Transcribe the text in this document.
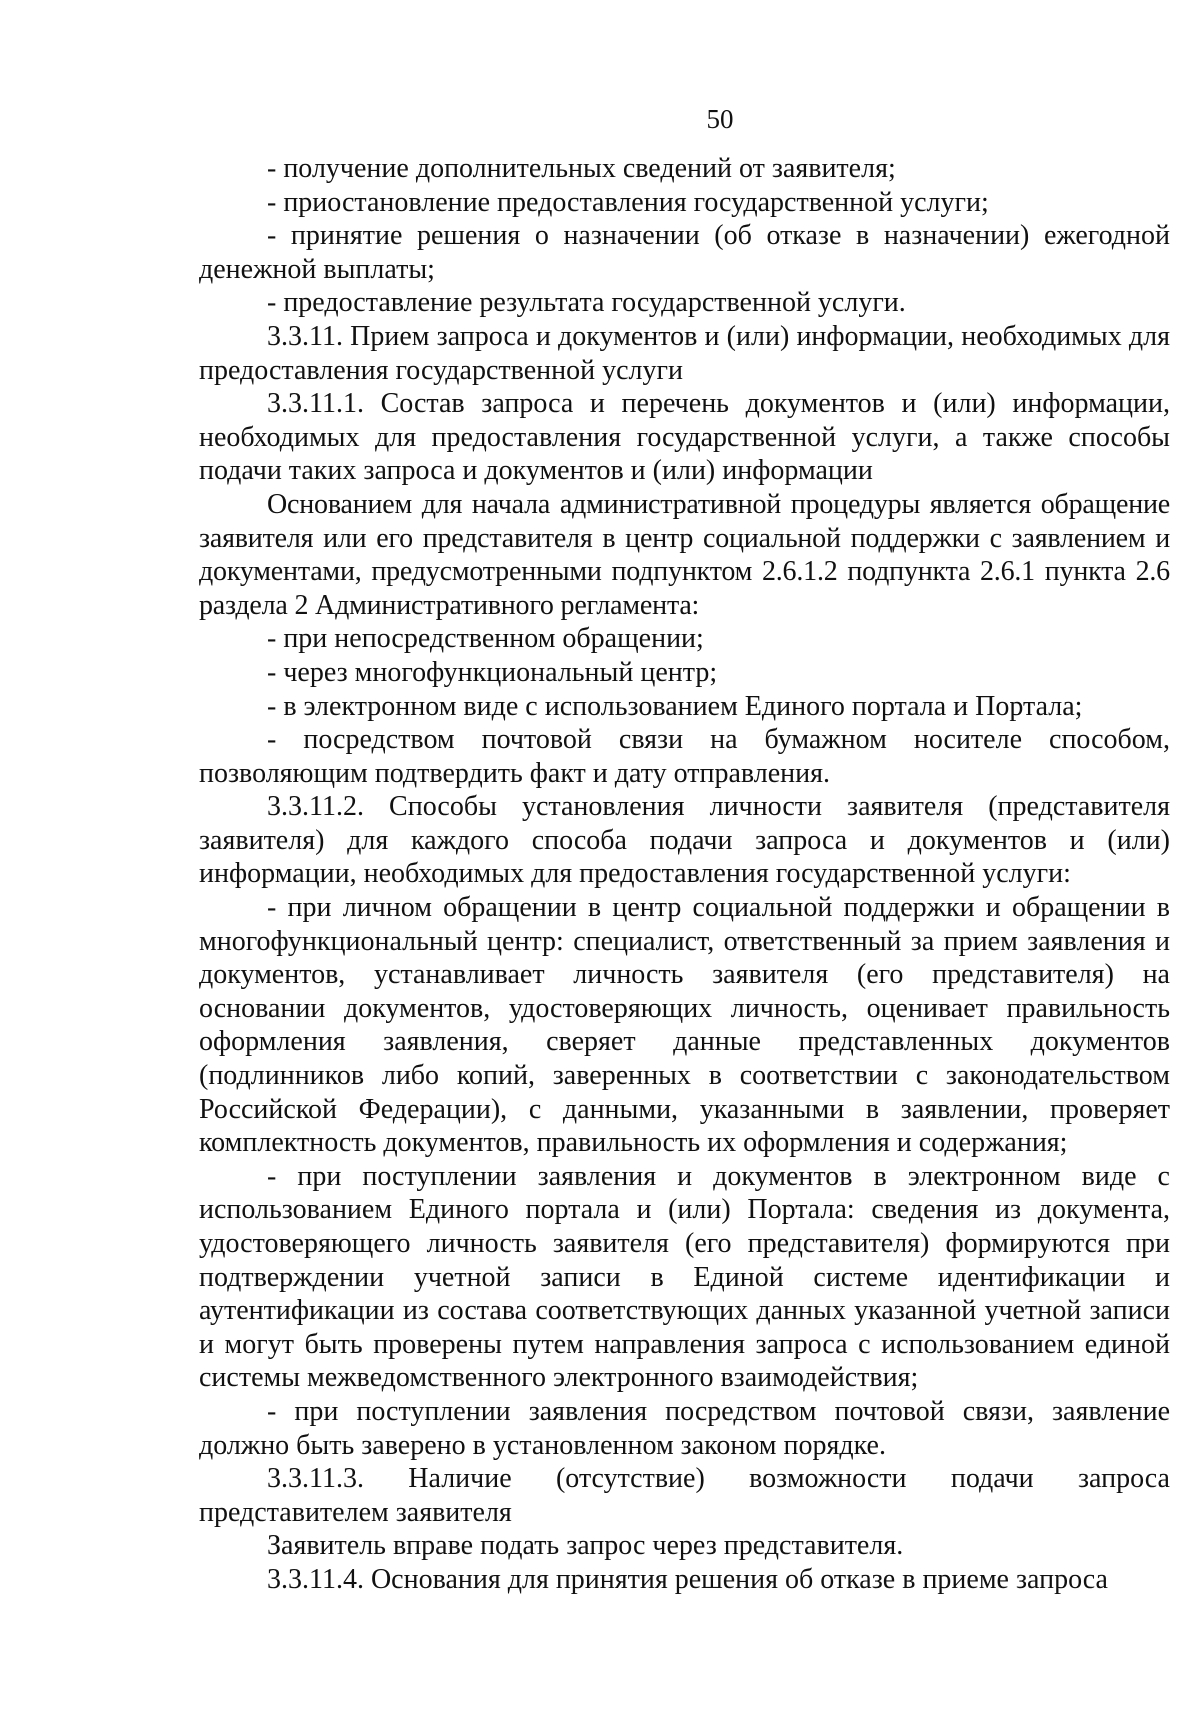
50

- получение дополнительных сведений от заявителя;

- приостановление предоставления государственной услуги;

- принятие решения о назначении (об отказе в назначении) ежегодной денежной выплаты;

- предоставление результата государственной услуги.

3.3.11. Прием запроса и документов и (или) информации, необходимых для предоставления государственной услуги

3.3.11.1. Состав запроса и перечень документов и (или) информации, необходимых для предоставления государственной услуги, а также способы подачи таких запроса и документов и (или) информации

Основанием для начала административной процедуры является обращение заявителя или его представителя в центр социальной поддержки с заявлением и документами, предусмотренными подпунктом 2.6.1.2 подпункта 2.6.1 пункта 2.6 раздела 2 Административного регламента:

- при непосредственном обращении;

- через многофункциональный центр;

- в электронном виде с использованием Единого портала и Портала;

- посредством почтовой связи на бумажном носителе способом, позволяющим подтвердить факт и дату отправления.

3.3.11.2. Способы установления личности заявителя (представителя заявителя) для каждого способа подачи запроса и документов и (или) информации, необходимых для предоставления государственной услуги:

- при личном обращении в центр социальной поддержки и обращении в многофункциональный центр: специалист, ответственный за прием заявления и документов, устанавливает личность заявителя (его представителя) на основании документов, удостоверяющих личность, оценивает правильность оформления заявления, сверяет данные представленных документов (подлинников либо копий, заверенных в соответствии с законодательством Российской Федерации), с данными, указанными в заявлении, проверяет комплектность документов, правильность их оформления и содержания;

- при поступлении заявления и документов в электронном виде с использованием Единого портала и (или) Портала: сведения из документа, удостоверяющего личность заявителя (его представителя) формируются при подтверждении учетной записи в Единой системе идентификации и аутентификации из состава соответствующих данных указанной учетной записи и могут быть проверены путем направления запроса с использованием единой системы межведомственного электронного взаимодействия;

- при поступлении заявления посредством почтовой связи, заявление должно быть заверено в установленном законом порядке.

3.3.11.3. Наличие (отсутствие) возможности подачи запроса представителем заявителя

Заявитель вправе подать запрос через представителя.

3.3.11.4. Основания для принятия решения об отказе в приеме запроса
